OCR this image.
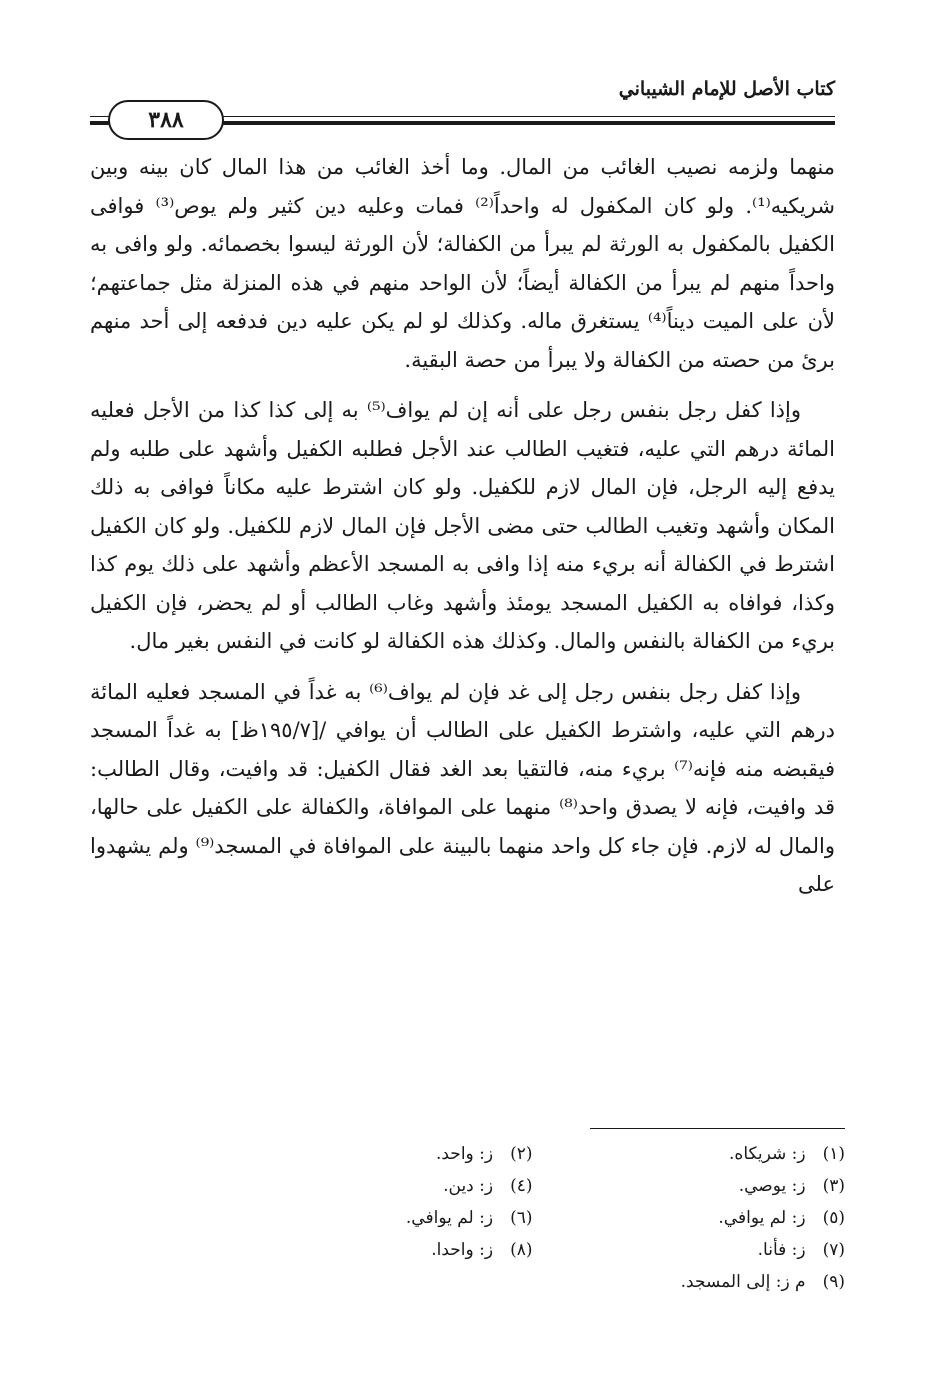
كتاب الأصل للإمام الشيباني
٣٨٨

منهما ولزمه نصيب الغائب من المال. وما أخذ الغائب من هذا المال كان بينه وبين شريكيه⁽¹⁾. ولو كان المكفول له واحداً⁽²⁾ فمات وعليه دين كثير ولم يوص⁽³⁾ فوافى الكفيل بالمكفول به الورثة لم يبرأ من الكفالة؛ لأن الورثة ليسوا بخصمائه. ولو وافى به واحداً منهم لم يبرأ من الكفالة أيضاً؛ لأن الواحد منهم في هذه المنزلة مثل جماعتهم؛ لأن على الميت ديناً⁽⁴⁾ يستغرق ماله. وكذلك لو لم يكن عليه دين فدفعه إلى أحد منهم برئ من حصته من الكفالة ولا يبرأ من حصة البقية.

وإذا كفل رجل بنفس رجل على أنه إن لم يواف⁽⁵⁾ به إلى كذا كذا من الأجل فعليه المائة درهم التي عليه، فتغيب الطالب عند الأجل فطلبه الكفيل وأشهد على طلبه ولم يدفع إليه الرجل، فإن المال لازم للكفيل. ولو كان اشترط عليه مكاناً فوافى به ذلك المكان وأشهد وتغيب الطالب حتى مضى الأجل فإن المال لازم للكفيل. ولو كان الكفيل اشترط في الكفالة أنه بريء منه إذا وافى به المسجد الأعظم وأشهد على ذلك يوم كذا وكذا، فوافاه به الكفيل المسجد يومئذ وأشهد وغاب الطالب أو لم يحضر، فإن الكفيل بريء من الكفالة بالنفس والمال. وكذلك هذه الكفالة لو كانت في النفس بغير مال.

وإذا كفل رجل بنفس رجل إلى غد فإن لم يواف⁽⁶⁾ به غداً في المسجد فعليه المائة درهم التي عليه، واشترط الكفيل على الطالب أن يوافي /[١٩٥/٧ظ] به غداً المسجد فيقبضه منه فإنه⁽⁷⁾ بريء منه، فالتقيا بعد الغد فقال الكفيل: قد وافيت، وقال الطالب: قد وافيت، فإنه لا يصدق واحد⁽⁸⁾ منهما على الموافاة، والكفالة على الكفيل على حالها، والمال له لازم. فإن جاء كل واحد منهما بالبينة على الموافاة في المسجد⁽⁹⁾ ولم يشهدوا على

(١) ز: شريكاه.
(٢) ز: واحد.
(٣) ز: يوصي.
(٤) ز: دين.
(٥) ز: لم يوافي.
(٦) ز: لم يوافي.
(٧) ز: فأنا.
(٨) ز: واحدا.
(٩) م ز: إلى المسجد.
